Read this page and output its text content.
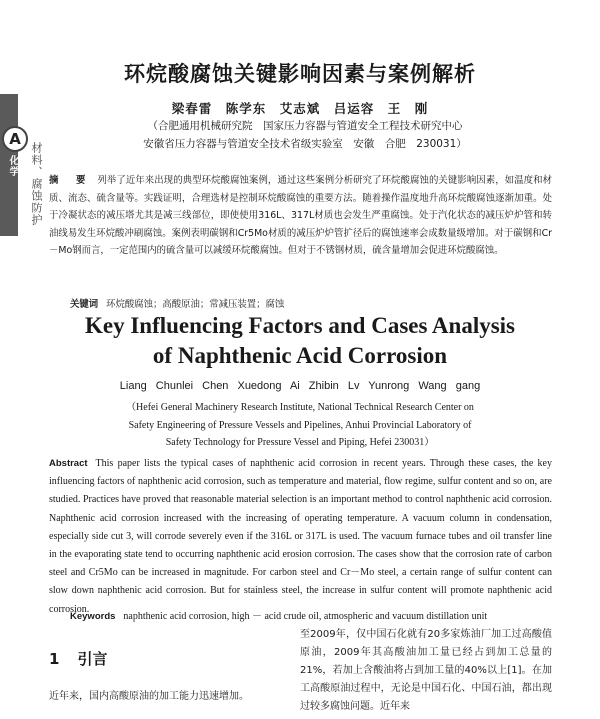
A
化学 材料、腐蚀防护
环烷酸腐蚀关键影响因素与案例解析
梁春雷　陈学东　艾志斌　吕运容　王　刚
（合肥通用机械研究院　国家压力容器与管道安全工程技术研究中心
安徽省压力容器与管道安全技术省级实验室　安徽　合肥　230031）
摘　要 列举了近年来出现的典型环烷酸腐蚀案例，通过这些案例分析研究了环烷酸腐蚀的关键影响因素，如温度和材质、流态、硫含量等。实践证明，合理选材是控制环烷酸腐蚀的重要方法。随着操作温度地升高环烷酸腐蚀逐渐加重。处于冷凝状态的减压塔尤其是减三线部位，即使使用316L、317L材质也会发生严重腐蚀。处于汽化状态的减压炉炉管和转油线易发生环烷酸冲刷腐蚀。案例表明碳钢和Cr5Mo材质的减压炉炉管扩径后的腐蚀速率会成数量级增加。对于碳钢和Cr－Mo钢而言，一定范围内的硫含量可以减缓环烷酸腐蚀。但对于不锈钢材质，硫含量增加会促进环烷酸腐蚀。
关键词 环烷酸腐蚀；高酸原油；常减压装置；腐蚀
Key Influencing Factors and Cases Analysis
of Naphthenic Acid Corrosion
Liang Chunlei Chen Xuedong Ai Zhibin Lv Yunrong Wang gang
（Hefei General Machinery Research Institute, National Technical Research Center on
Safety Engineering of Pressure Vessels and Pipelines, Anhui Provincial Laboratory of
Safety Technology for Pressure Vessel and Piping, Hefei 230031）
Abstract This paper lists the typical cases of naphthenic acid corrosion in recent years. Through these cases, the key influencing factors of naphthenic acid corrosion, such as temperature and material, flow regime, sulfur content and so on, are studied. Practices have proved that reasonable material selection is an important method to control naphthenic acid corrosion. Naphthenic acid corrosion increased with the increasing of operating temperature. A vacuum column in condensation, especially side cut 3, will corrode severely even if the 316L or 317L is used. The vacuum furnace tubes and oil transfer line in the evaporating state tend to occurring naphthenic acid erosion corrosion. The cases show that the corrosion rate of carbon steel and Cr5Mo can be increased in magnitude. For carbon steel and Cr－Mo steel, a certain range of sulfur content can slow down naphthenic acid corrosion. But for stainless steel, the increase in sulfur content will promote naphthenic acid corrosion.
Keywords naphthenic acid corrosion, high － acid crude oil, atmospheric and vacuum distillation unit
1 引言
近年来，国内高酸原油的加工能力迅速增加。
至2009年，仅中国石化就有20多家炼油厂加工过高酸值原油，2009年其高酸油加工量已经占到加工总量的21%，若加上含酸油将占到加工量的40%以上[1]。在加工高酸原油过程中，无论是中国石化、中国石油，都出现过较多腐蚀问题。近年来
